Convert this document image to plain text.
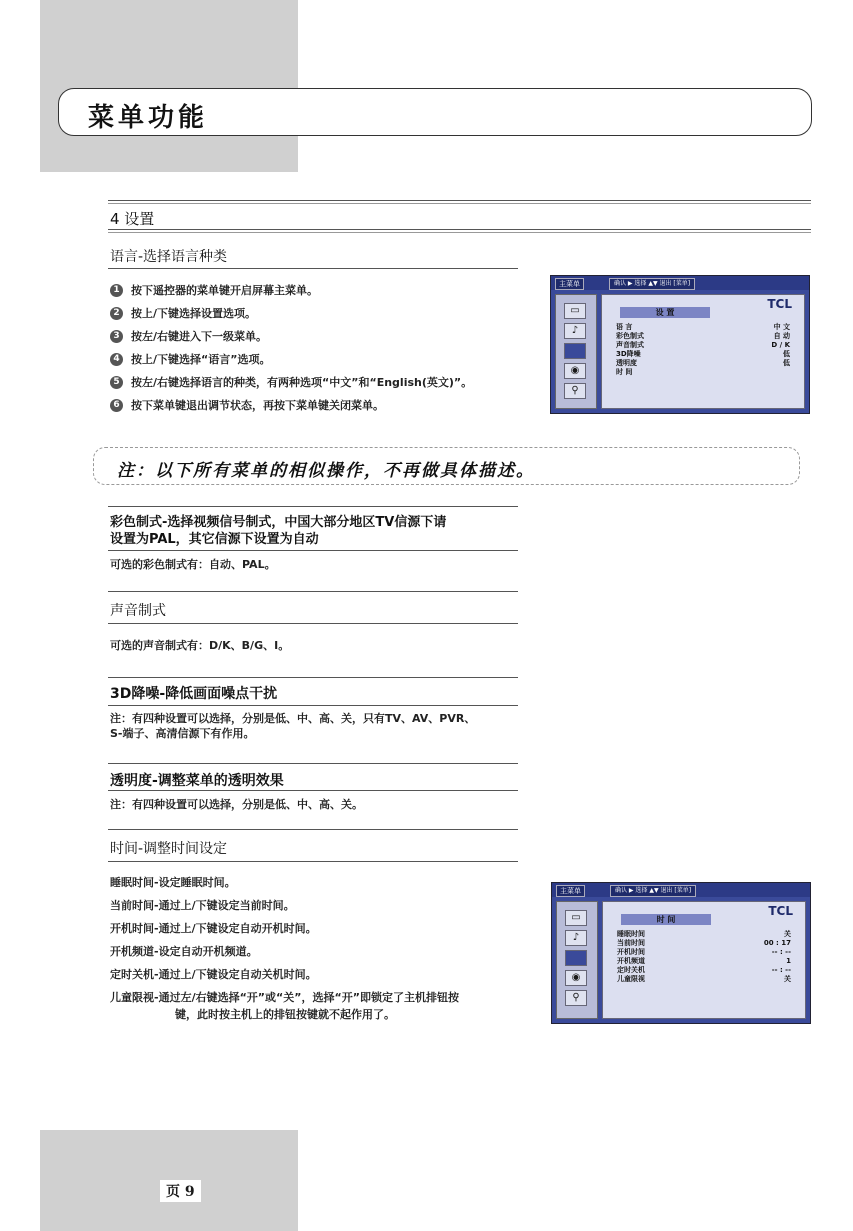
菜单功能
4 设置
语言-选择语言种类
1	按下遥控器的菜单键开启屏幕主菜单。
2	按上/下键选择设置选项。
3	按左/右键进入下一级菜单。
4	按上/下键选择“语言”选项。
5	按左/右键选择语言的种类，有两种选项“中文”和“English(英文)”。
6	按下菜单键退出调节状态，再按下菜单键关闭菜单。
主菜单	确认 ▶ 选择 ▲▼ 退出 [菜单]
▭
♪
◉
⚲
TCL
设 置
语 言	中 文
彩色制式	自 动
声音制式	D / K
3D降噪	低
透明度	低
时 间
注：以下所有菜单的相似操作，不再做具体描述。
彩色制式-选择视频信号制式，中国大部分地区TV信源下请
设置为PAL，其它信源下设置为自动
可选的彩色制式有：自动、PAL。
声音制式
可选的声音制式有：D/K、B/G、I。
3D降噪-降低画面噪点干扰
注：有四种设置可以选择，分别是低、中、高、关，只有TV、AV、PVR、
S-端子、高清信源下有作用。
透明度-调整菜单的透明效果
注：有四种设置可以选择，分别是低、中、高、关。
时间-调整时间设定
睡眠时间-设定睡眠时间。
当前时间-通过上/下键设定当前时间。
开机时间-通过上/下键设定自动开机时间。
开机频道-设定自动开机频道。
定时关机-通过上/下键设定自动关机时间。
儿童限视-通过左/右键选择“开”或“关”，选择“开”即锁定了主机排钮按
键，此时按主机上的排钮按键就不起作用了。
主菜单	确认 ▶ 选择 ▲▼ 退出 [菜单]
▭
♪
◉
⚲
TCL
时 间
睡眠时间	关
当前时间	00 : 17
开机时间	-- : --
开机频道	1
定时关机	-- : --
儿童限视	关
页 9
